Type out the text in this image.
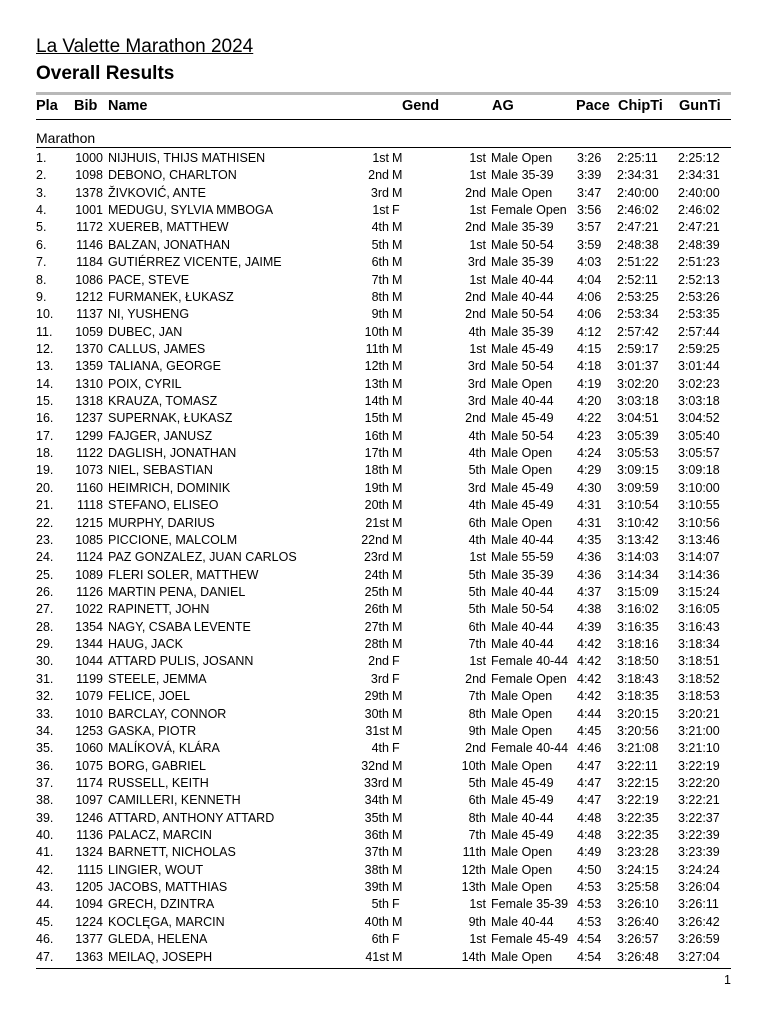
La Valette Marathon 2024
Overall Results
Pla Bib Name	Gend	AG	Pace ChipTi GunTi
Marathon
1.	1000 NIJHUIS, THIJS MATHISEN	1st M	1st Male Open 3:26 2:25:11 2:25:12
2.	1098 DEBONO, CHARLTON	2nd M	1st Male 35-39 3:39 2:34:31 2:34:31
3.	1378 ŽIVKOVIĆ, ANTE	3rd M	2nd Male Open 3:47 2:40:00 2:40:00
4.	1001 MEDUGU, SYLVIA MMBOGA	1st F	1st Female Open 3:56 2:46:02 2:46:02
5.	1172 XUEREB, MATTHEW	4th M	2nd Male 35-39 3:57 2:47:21 2:47:21
6.	1146 BALZAN, JONATHAN	5th M	1st Male 50-54 3:59 2:48:38 2:48:39
7.	1184 GUTIÉRREZ VICENTE, JAIME	6th M	3rd Male 35-39 4:03 2:51:22 2:51:23
8.	1086 PACE, STEVE	7th M	1st Male 40-44 4:04 2:52:11 2:52:13
9.	1212 FURMANEK, ŁUKASZ	8th M	2nd Male 40-44 4:06 2:53:25 2:53:26
10.	1137 NI, YUSHENG	9th M	2nd Male 50-54 4:06 2:53:34 2:53:35
11.	1059 DUBEC, JAN	10th M	4th Male 35-39 4:12 2:57:42 2:57:44
12.	1370 CALLUS, JAMES	11th M	1st Male 45-49 4:15 2:59:17 2:59:25
13.	1359 TALIANA, GEORGE	12th M	3rd Male 50-54 4:18 3:01:37 3:01:44
14.	1310 POIX, CYRIL	13th M	3rd Male Open 4:19 3:02:20 3:02:23
15.	1318 KRAUZA, TOMASZ	14th M	3rd Male 40-44 4:20 3:03:18 3:03:18
16.	1237 SUPERNAK, ŁUKASZ	15th M	2nd Male 45-49 4:22 3:04:51 3:04:52
17.	1299 FAJGER, JANUSZ	16th M	4th Male 50-54 4:23 3:05:39 3:05:40
18.	1122 DAGLISH, JONATHAN	17th M	4th Male Open 4:24 3:05:53 3:05:57
19.	1073 NIEL, SEBASTIAN	18th M	5th Male Open 4:29 3:09:15 3:09:18
20.	1160 HEIMRICH, DOMINIK	19th M	3rd Male 45-49 4:30 3:09:59 3:10:00
21.	1118 STEFANO, ELISEO	20th M	4th Male 45-49 4:31 3:10:54 3:10:55
22.	1215 MURPHY, DARIUS	21st M	6th Male Open 4:31 3:10:42 3:10:56
23.	1085 PICCIONE, MALCOLM	22nd M	4th Male 40-44 4:35 3:13:42 3:13:46
24.	1124 PAZ GONZALEZ, JUAN CARLOS	23rd M	1st Male 55-59 4:36 3:14:03 3:14:07
25.	1089 FLERI SOLER, MATTHEW	24th M	5th Male 35-39 4:36 3:14:34 3:14:36
26.	1126 MARTIN PENA, DANIEL	25th M	5th Male 40-44 4:37 3:15:09 3:15:24
27.	1022 RAPINETT, JOHN	26th M	5th Male 50-54 4:38 3:16:02 3:16:05
28.	1354 NAGY, CSABA LEVENTE	27th M	6th Male 40-44 4:39 3:16:35 3:16:43
29.	1344 HAUG, JACK	28th M	7th Male 40-44 4:42 3:18:16 3:18:34
30.	1044 ATTARD PULIS, JOSANN	2nd F	1st Female 40-44 4:42 3:18:50 3:18:51
31.	1199 STEELE, JEMMA	3rd F	2nd Female Open 4:42 3:18:43 3:18:52
32.	1079 FELICE, JOEL	29th M	7th Male Open 4:42 3:18:35 3:18:53
33.	1010 BARCLAY, CONNOR	30th M	8th Male Open 4:44 3:20:15 3:20:21
34.	1253 GASKA, PIOTR	31st M	9th Male Open 4:45 3:20:56 3:21:00
35.	1060 MALÍKOVÁ, KLÁRA	4th F	2nd Female 40-44 4:46 3:21:08 3:21:10
36.	1075 BORG, GABRIEL	32nd M	10th Male Open 4:47 3:22:11 3:22:19
37.	1174 RUSSELL, KEITH	33rd M	5th Male 45-49 4:47 3:22:15 3:22:20
38.	1097 CAMILLERI, KENNETH	34th M	6th Male 45-49 4:47 3:22:19 3:22:21
39.	1246 ATTARD, ANTHONY ATTARD	35th M	8th Male 40-44 4:48 3:22:35 3:22:37
40.	1136 PALACZ, MARCIN	36th M	7th Male 45-49 4:48 3:22:35 3:22:39
41.	1324 BARNETT, NICHOLAS	37th M	11th Male Open 4:49 3:23:28 3:23:39
42.	1115 LINGIER, WOUT	38th M	12th Male Open 4:50 3:24:15 3:24:24
43.	1205 JACOBS, MATTHIAS	39th M	13th Male Open 4:53 3:25:58 3:26:04
44.	1094 GRECH, DZINTRA	5th F	1st Female 35-39 4:53 3:26:10 3:26:11
45.	1224 KOCLĘGA, MARCIN	40th M	9th Male 40-44 4:53 3:26:40 3:26:42
46.	1377 GLEDA, HELENA	6th F	1st Female 45-49 4:54 3:26:57 3:26:59
47.	1363 MEILAQ, JOSEPH	41st M	14th Male Open 4:54 3:26:48 3:27:04
1
